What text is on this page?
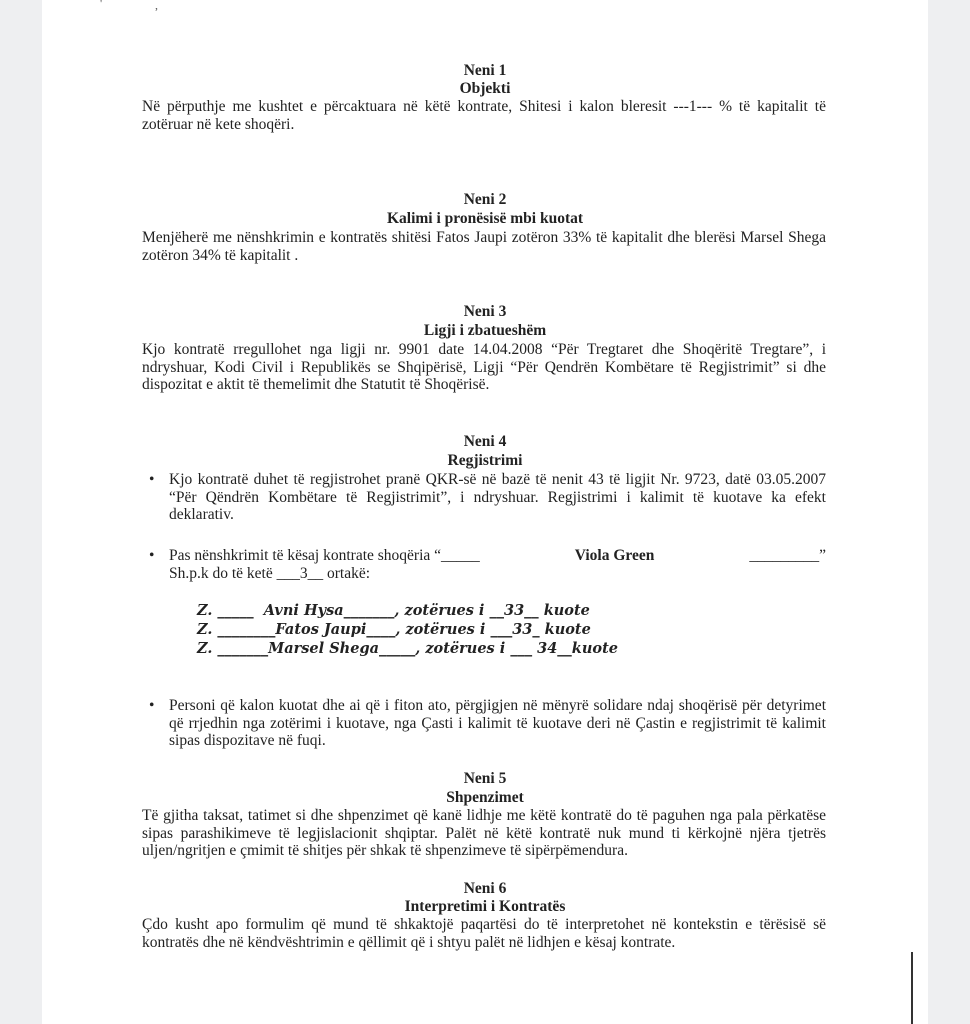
'	,
Neni 1
Objekti
Në përputhje me kushtet e përcaktuara në këtë kontrate, Shitesi i kalon bleresit ---1--- % të kapitalit të zotëruar në kete shoqëri.
Neni 2
Kalimi i pronësisë mbi kuotat
Menjëherë me nënshkrimin e kontratës shitësi Fatos Jaupi zotëron 33% të kapitalit dhe blerësi Marsel Shega zotëron 34% të kapitalit .
Neni 3
Ligji i zbatueshëm
Kjo kontratë rregullohet nga ligji nr. 9901 date 14.04.2008 “Për Tregtaret dhe Shoqëritë Tregtare”, i ndryshuar, Kodi Civil i Republikës se Shqipërisë, Ligji “Për Qendrën Kombëtare të Regjistrimit” si dhe dispozitat e aktit të themelimit dhe Statutit të Shoqërisë.
Neni 4
Regjistrimi
• Kjo kontratë duhet të regjistrohet pranë QKR-së në bazë të nenit 43 të ligjit Nr. 9723, datë 03.05.2007 “Për Qëndrën Kombëtare të Regjistrimit”, i ndryshuar. Regjistrimi i kalimit të kuotave ka efekt deklarativ.
• Pas nënshkrimit të kësaj kontrate shoqëria “_____	Viola Green	_________”
Sh.p.k do të ketë ___3__ ortakë:
Z. _____  Avni Hysa_______, zotërues i __33__ kuote
Z. ________Fatos Jaupi____, zotërues i ___33_ kuote
Z. _______Marsel Shega_____, zotërues i ___ 34__kuote
• Personi që kalon kuotat dhe ai që i fiton ato, përgjigjen në mënyrë solidare ndaj shoqërisë për detyrimet që rrjedhin nga zotërimi i kuotave, nga Çasti i kalimit të kuotave deri në Çastin e regjistrimit të kalimit sipas dispozitave në fuqi.
Neni 5
Shpenzimet
Të gjitha taksat, tatimet si dhe shpenzimet që kanë lidhje me këtë kontratë do të paguhen nga pala përkatëse sipas parashikimeve të legjislacionit shqiptar. Palët në këtë kontratë nuk mund ti kërkojnë njëra tjetrës uljen/ngritjen e çmimit të shitjes për shkak të shpenzimeve të sipërpëmendura.
Neni 6
Interpretimi i Kontratës
Çdo kusht apo formulim që mund të shkaktojë paqartësi do të interpretohet në kontekstin e tërësisë së kontratës dhe në këndvështrimin e qëllimit që i shtyu palët në lidhjen e kësaj kontrate.
